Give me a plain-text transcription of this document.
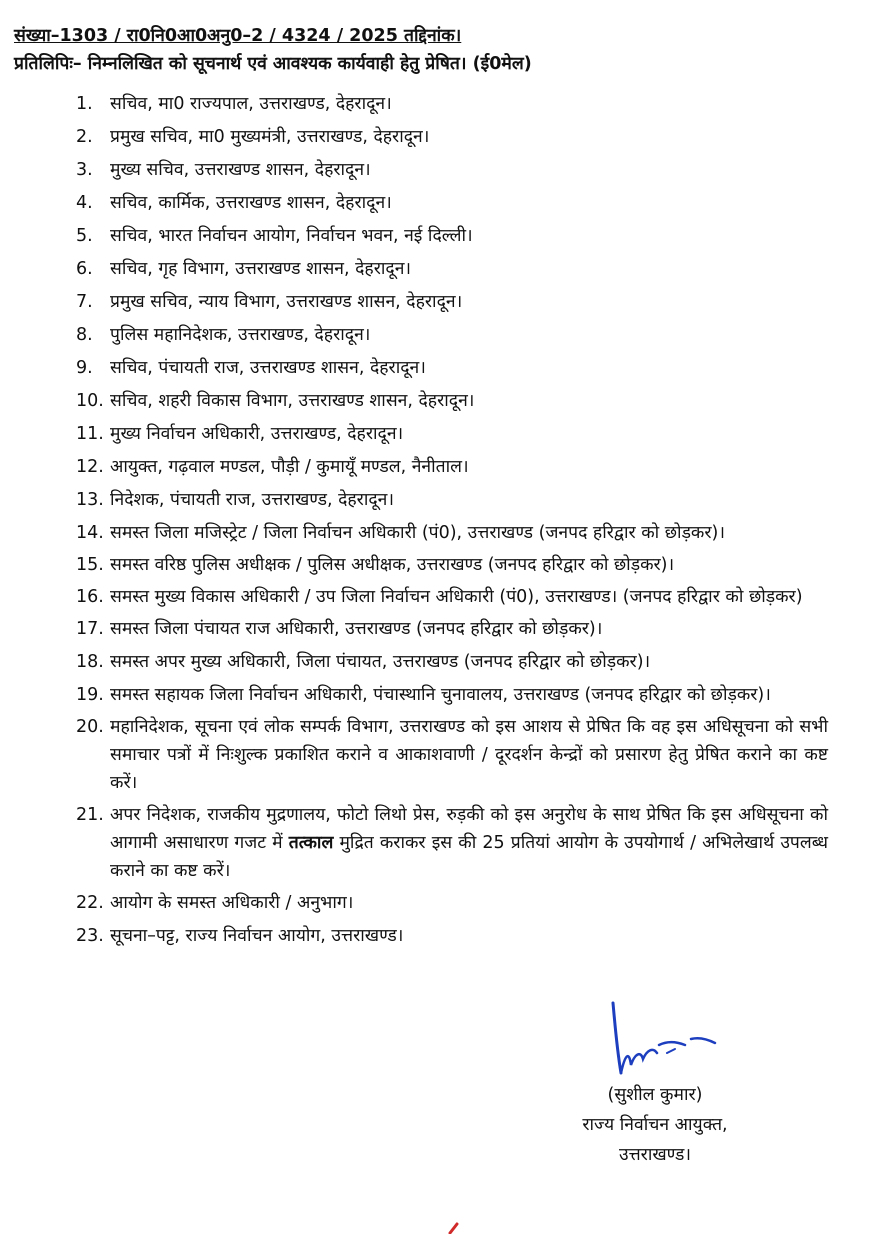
संख्या–1303 / रा0नि0आ0अनु0–2 / 4324 / 2025 तद्दिनांक।
प्रतिलिपिः– निम्नलिखित को सूचनार्थ एवं आवश्यक कार्यवाही हेतु प्रेषित। (ई0मेल)
1. सचिव, मा0 राज्यपाल, उत्तराखण्ड, देहरादून।
2. प्रमुख सचिव, मा0 मुख्यमंत्री, उत्तराखण्ड, देहरादून।
3. मुख्य सचिव, उत्तराखण्ड शासन, देहरादून।
4. सचिव, कार्मिक, उत्तराखण्ड शासन, देहरादून।
5. सचिव, भारत निर्वाचन आयोग, निर्वाचन भवन, नई दिल्ली।
6. सचिव, गृह विभाग, उत्तराखण्ड शासन, देहरादून।
7. प्रमुख सचिव, न्याय विभाग, उत्तराखण्ड शासन, देहरादून।
8. पुलिस महानिदेशक, उत्तराखण्ड, देहरादून।
9. सचिव, पंचायती राज, उत्तराखण्ड शासन, देहरादून।
10. सचिव, शहरी विकास विभाग, उत्तराखण्ड शासन, देहरादून।
11. मुख्य निर्वाचन अधिकारी, उत्तराखण्ड, देहरादून।
12. आयुक्त, गढ़वाल मण्डल, पौड़ी / कुमायूँ मण्डल, नैनीताल।
13. निदेशक, पंचायती राज, उत्तराखण्ड, देहरादून।
14. समस्त जिला मजिस्ट्रेट / जिला निर्वाचन अधिकारी (पं0), उत्तराखण्ड (जनपद हरिद्वार को छोड़कर)।
15. समस्त वरिष्ठ पुलिस अधीक्षक / पुलिस अधीक्षक, उत्तराखण्ड (जनपद हरिद्वार को छोड़कर)।
16. समस्त मुख्य विकास अधिकारी / उप जिला निर्वाचन अधिकारी (पं0), उत्तराखण्ड। (जनपद हरिद्वार को छोड़कर)
17. समस्त जिला पंचायत राज अधिकारी, उत्तराखण्ड (जनपद हरिद्वार को छोड़कर)।
18. समस्त अपर मुख्य अधिकारी, जिला पंचायत, उत्तराखण्ड (जनपद हरिद्वार को छोड़कर)।
19. समस्त सहायक जिला निर्वाचन अधिकारी, पंचास्थानि चुनावालय, उत्तराखण्ड (जनपद हरिद्वार को छोड़कर)।
20. महानिदेशक, सूचना एवं लोक सम्पर्क विभाग, उत्तराखण्ड को इस आशय से प्रेषित कि वह इस अधिसूचना को सभी समाचार पत्रों में निःशुल्क प्रकाशित कराने व आकाशवाणी / दूरदर्शन केन्द्रों को प्रसारण हेतु प्रेषित कराने का कष्ट करें।
21. अपर निदेशक, राजकीय मुद्रणालय, फोटो लिथो प्रेस, रुड़की को इस अनुरोध के साथ प्रेषित कि इस अधिसूचना को आगामी असाधारण गजट में तत्काल मुद्रित कराकर इस की 25 प्रतियां आयोग के उपयोगार्थ / अभिलेखार्थ उपलब्ध कराने का कष्ट करें।
22. आयोग के समस्त अधिकारी / अनुभाग।
23. सूचना–पट्ट, राज्य निर्वाचन आयोग, उत्तराखण्ड।
(सुशील कुमार)
राज्य निर्वाचन आयुक्त,
उत्तराखण्ड।
